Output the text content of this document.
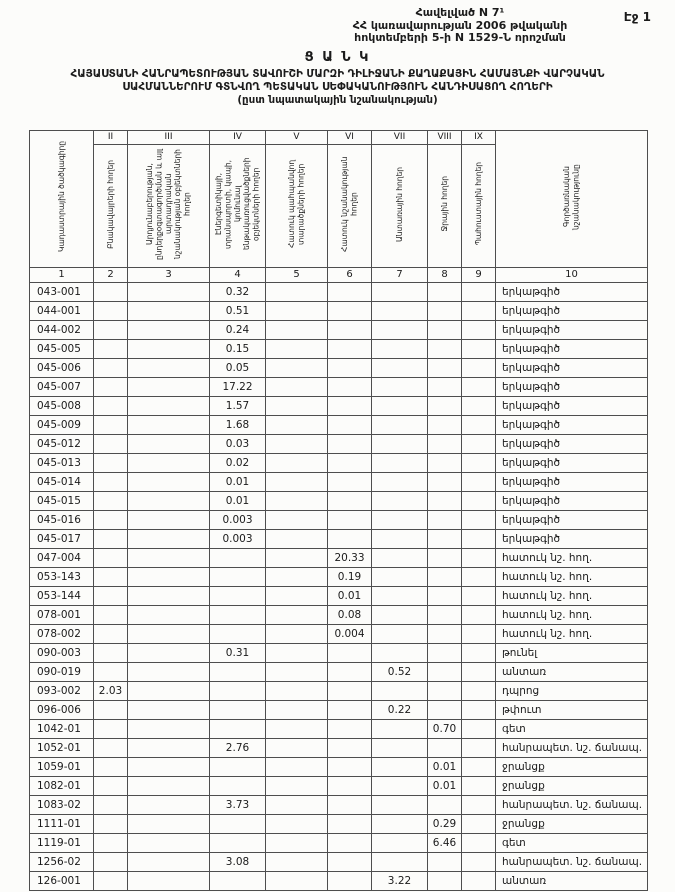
Էջ 1
Հավելված N 7¹
ՀՀ կառավարության 2006 թվականի
հոկտեմբերի 5-ի N 1529-Ն որոշման
Ց Ա Ն Կ
ՀԱՅԱՍՏԱՆԻ ՀԱՆՐԱՊԵՏՈՒԹՅԱՆ ՏԱՎՈՒՇԻ ՄԱՐԶԻ ԴԻԼԻՋԱՆԻ ՔԱՂԱՔԱՅԻՆ ՀԱՄԱՅՆՔԻ ՎԱՐՉԱԿԱՆ
ՍԱՀՄԱՆՆԵՐՈՒՄ ԳՏՆՎՈՂ ՊԵՏԱԿԱՆ ՍԵՓԱԿԱՆՈՒԹՅՈՒՆ ՀԱՆԴԻՍԱՑՈՂ ՀՈՂԵՐԻ
(ըստ նպատակային նշանակության)
Կադաստրային ծածկագիրը	II	III	IV	V	VI	VII	VIII	IX	Գործառնական նշանակությունը
	Բնակավայրերի հողեր	Արդյունաբերության, ընդերքօգտագործման և այլ արտադրական նշանակության օբյեկտների հողեր	Էներգետիկայի, տրանսպորտի, կապի, կոմունալ ենթակառուցվածքների օբյեկտների հողեր	Հատուկ պահպանվող տարածքների հողեր	Հատուկ նշանակության հողեր	Անտառային հողեր	Ջրային հողեր	Պահուստային հողեր	
1	2	3	4	5	6	7	8	9	10
043-001			0.32						երկաթգիծ
044-001			0.51						երկաթգիծ
044-002			0.24						երկաթգիծ
045-005			0.15						երկաթգիծ
045-006			0.05						երկաթգիծ
045-007			17.22						երկաթգիծ
045-008			1.57						երկաթգիծ
045-009			1.68						երկաթգիծ
045-012			0.03						երկաթգիծ
045-013			0.02						երկաթգիծ
045-014			0.01						երկաթգիծ
045-015			0.01						երկաթգիծ
045-016			0.003						երկաթգիծ
045-017			0.003						երկաթգիծ
047-004					20.33				հատուկ նշ. հող.
053-143					0.19				հատուկ նշ. հող.
053-144					0.01				հատուկ նշ. հող.
078-001					0.08				հատուկ նշ. հող.
078-002					0.004				հատուկ նշ. հող.
090-003			0.31						թունել
090-019						0.52			անտառ
093-002	2.03								դպրոց
096-006						0.22			թփուտ
1042-01							0.70		գետ
1052-01			2.76						հանրապետ. նշ. ճանապ.
1059-01							0.01		ջրանցք
1082-01							0.01		ջրանցք
1083-02			3.73						հանրապետ. նշ. ճանապ.
1111-01							0.29		ջրանցք
1119-01							6.46		գետ
1256-02			3.08						հանրապետ. նշ. ճանապ.
126-001						3.22			անտառ
